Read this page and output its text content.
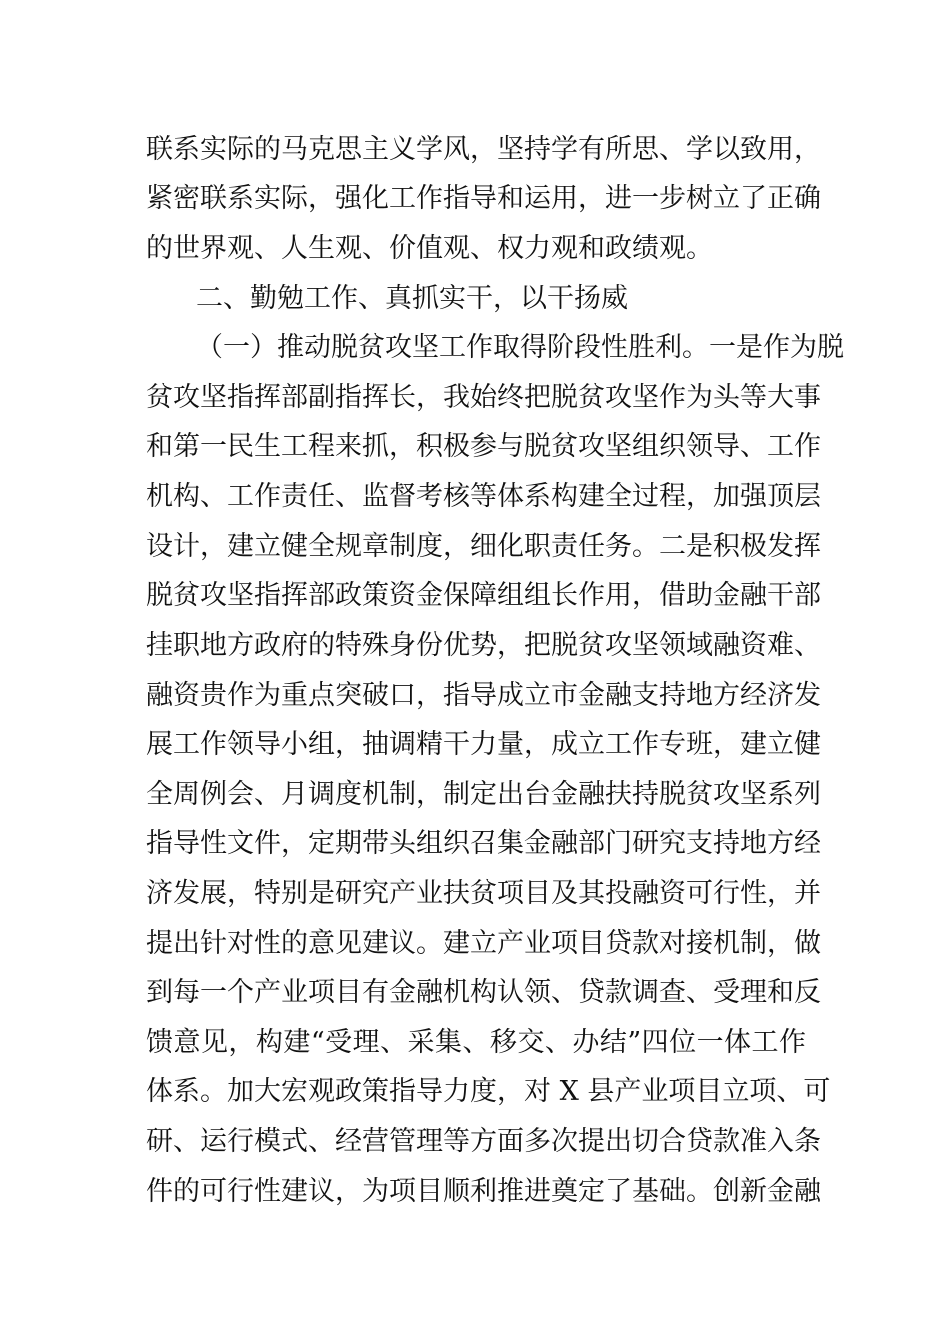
联系实际的马克思主义学风，坚持学有所思、学以致用，
紧密联系实际，强化工作指导和运用，进一步树立了正确
的世界观、人生观、价值观、权力观和政绩观。
二、勤勉工作、真抓实干，以干扬威
（一）推动脱贫攻坚工作取得阶段性胜利。一是作为脱
贫攻坚指挥部副指挥长，我始终把脱贫攻坚作为头等大事
和第一民生工程来抓，积极参与脱贫攻坚组织领导、工作
机构、工作责任、监督考核等体系构建全过程，加强顶层
设计，建立健全规章制度，细化职责任务。二是积极发挥
脱贫攻坚指挥部政策资金保障组组长作用，借助金融干部
挂职地方政府的特殊身份优势，把脱贫攻坚领域融资难、
融资贵作为重点突破口，指导成立市金融支持地方经济发
展工作领导小组，抽调精干力量，成立工作专班，建立健
全周例会、月调度机制，制定出台金融扶持脱贫攻坚系列
指导性文件，定期带头组织召集金融部门研究支持地方经
济发展，特别是研究产业扶贫项目及其投融资可行性，并
提出针对性的意见建议。建立产业项目贷款对接机制，做
到每一个产业项目有金融机构认领、贷款调查、受理和反
馈意见，构建“受理、采集、移交、办结”四位一体工作
体系。加大宏观政策指导力度，对 X 县产业项目立项、可
研、运行模式、经营管理等方面多次提出切合贷款准入条
件的可行性建议，为项目顺利推进奠定了基础。创新金融
